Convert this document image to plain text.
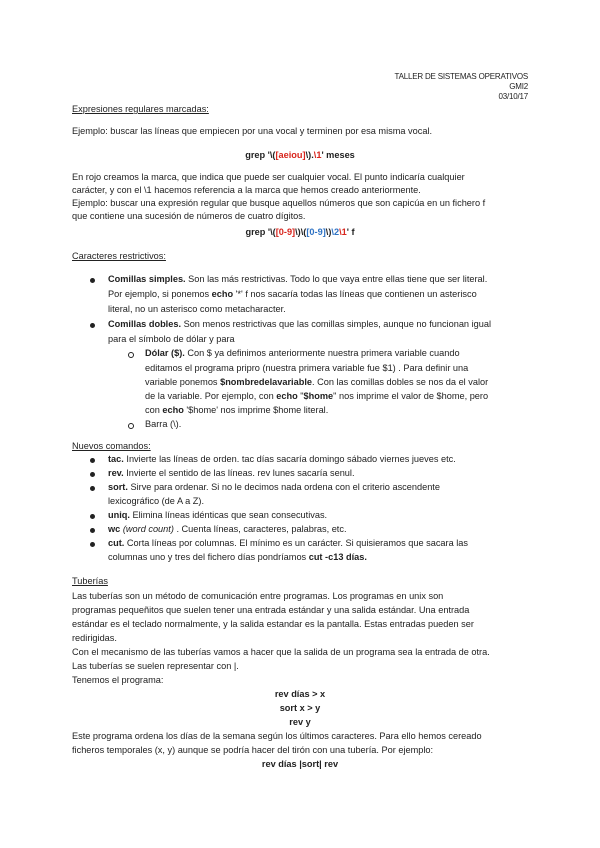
TALLER DE SISTEMAS OPERATIVOS
GMI2
03/10/17
Expresiones regulares marcadas:
Ejemplo: buscar las líneas que empiecen por una vocal y terminen por esa misma vocal.
grep '\([aeiou]\).\1' meses
En rojo creamos la marca, que indica que puede ser cualquier vocal. El punto indicaría cualquier
carácter, y con el \1 hacemos referencia a la marca que hemos creado anteriormente.
Ejemplo: buscar una expresión regular que busque aquellos números que son capicúa en un fichero f
que contiene una sucesión de números de cuatro dígitos.
grep '\([0-9]\)\([0-9]\)\2\1' f
Caracteres restrictivos:
Comillas simples. Son las más restrictivas. Todo lo que vaya entre ellas tiene que ser literal.
Por ejemplo, si ponemos echo '*' f nos sacaría todas las líneas que contienen un asterisco
literal, no un asterisco como metacharacter.
Comillas dobles. Son menos restrictivas que las comillas simples, aunque no funcionan igual
para el símbolo de dólar y para
Dólar ($). Con $ ya definimos anteriormente nuestra primera variable cuando
editamos el programa pripro (nuestra primera variable fue $1) . Para definir una
variable ponemos $nombredelavariable. Con las comillas dobles se nos da el valor
de la variable. Por ejemplo, con echo "$home" nos imprime el valor de $home, pero
con echo '$home' nos imprime $home literal.
Barra (\).
Nuevos comandos:
tac. Invierte las líneas de orden. tac días sacaría domingo sábado viernes jueves etc.
rev. Invierte el sentido de las líneas. rev lunes sacaría senul.
sort. Sirve para ordenar. Si no le decimos nada ordena con el criterio ascendente
lexicográfico (de A a Z).
uniq. Elimina líneas idénticas que sean consecutivas.
wc (word count) . Cuenta líneas, caracteres, palabras, etc.
cut. Corta líneas por columnas. El mínimo es un carácter. Si quisieramos que sacara las
columnas uno y tres del fichero días pondríamos cut -c13 días.
Tuberías
Las tuberías son un método de comunicación entre programas. Los programas en unix son
programas pequeñitos que suelen tener una entrada estándar y una salida estándar. Una entrada
estándar es el teclado normalmente, y la salida estandar es la pantalla. Estas entradas pueden ser
redirigidas.
Con el mecanismo de las tuberías vamos a hacer que la salida de un programa sea la entrada de otra.
Las tuberías se suelen representar con |.
Tenemos el programa:
rev días > x
sort x > y
rev y
Este programa ordena los días de la semana según los últimos caracteres. Para ello hemos cereado
ficheros temporales (x, y) aunque se podría hacer del tirón con una tubería. Por ejemplo:
rev días |sort| rev
